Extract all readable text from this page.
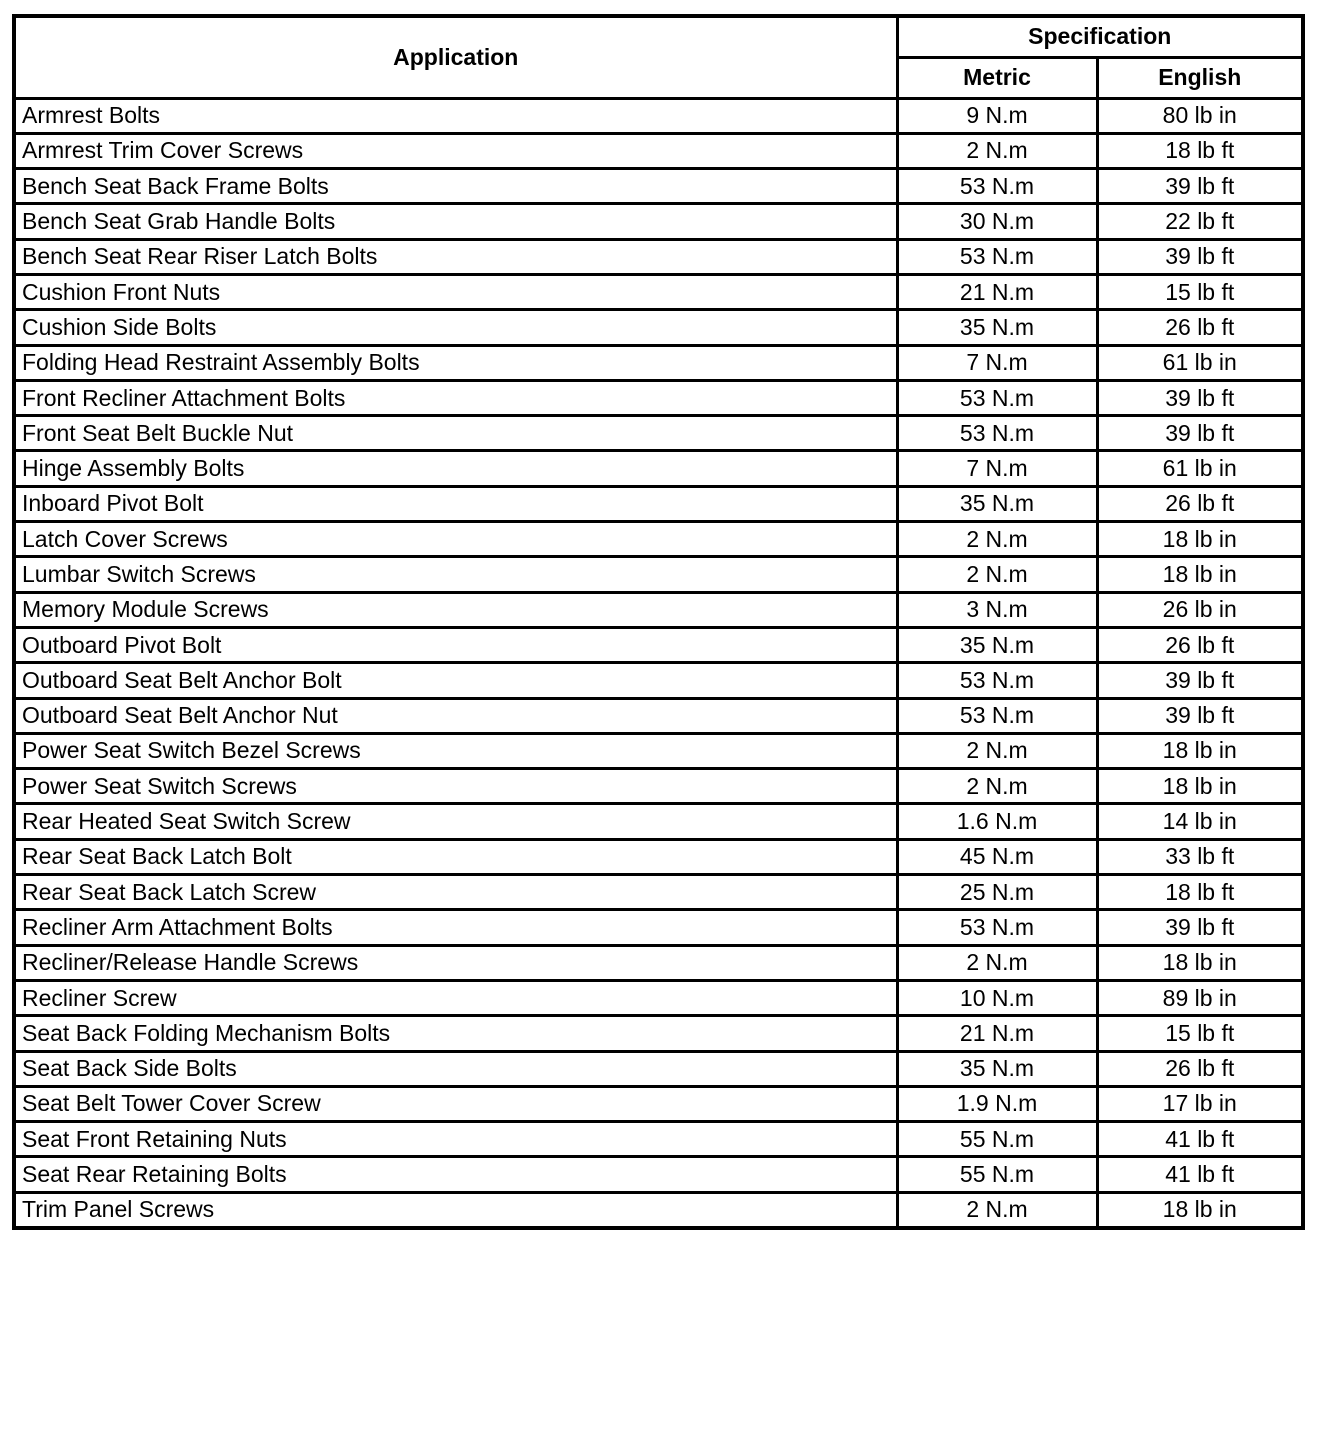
Application	Specification	
	Metric	English
Armrest Bolts	9 N.m	80 lb in
Armrest Trim Cover Screws	2 N.m	18 lb ft
Bench Seat Back Frame Bolts	53 N.m	39 lb ft
Bench Seat Grab Handle Bolts	30 N.m	22 lb ft
Bench Seat Rear Riser Latch Bolts	53 N.m	39 lb ft
Cushion Front Nuts	21 N.m	15 lb ft
Cushion Side Bolts	35 N.m	26 lb ft
Folding Head Restraint Assembly Bolts	7 N.m	61 lb in
Front Recliner Attachment Bolts	53 N.m	39 lb ft
Front Seat Belt Buckle Nut	53 N.m	39 lb ft
Hinge Assembly Bolts	7 N.m	61 lb in
Inboard Pivot Bolt	35 N.m	26 lb ft
Latch Cover Screws	2 N.m	18 lb in
Lumbar Switch Screws	2 N.m	18 lb in
Memory Module Screws	3 N.m	26 lb in
Outboard Pivot Bolt	35 N.m	26 lb ft
Outboard Seat Belt Anchor Bolt	53 N.m	39 lb ft
Outboard Seat Belt Anchor Nut	53 N.m	39 lb ft
Power Seat Switch Bezel Screws	2 N.m	18 lb in
Power Seat Switch Screws	2 N.m	18 lb in
Rear Heated Seat Switch Screw	1.6 N.m	14 lb in
Rear Seat Back Latch Bolt	45 N.m	33 lb ft
Rear Seat Back Latch Screw	25 N.m	18 lb ft
Recliner Arm Attachment Bolts	53 N.m	39 lb ft
Recliner/Release Handle Screws	2 N.m	18 lb in
Recliner Screw	10 N.m	89 lb in
Seat Back Folding Mechanism Bolts	21 N.m	15 lb ft
Seat Back Side Bolts	35 N.m	26 lb ft
Seat Belt Tower Cover Screw	1.9 N.m	17 lb in
Seat Front Retaining Nuts	55 N.m	41 lb ft
Seat Rear Retaining Bolts	55 N.m	41 lb ft
Trim Panel Screws	2 N.m	18 lb in
